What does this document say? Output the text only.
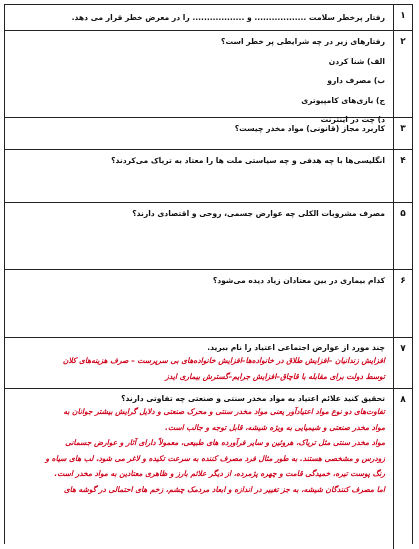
۱
رفتار پرخطر سلامت .................. و .................. را در معرض خطر قرار می دهد.
۲
رفتارهای زیر در چه شرایطی پر خطر است؟
الف) شنا کردن
ب) مصرف دارو
ج) بازی‌های کامپیوتری
د) چت در اینترنت
۳
کاربرد مجاز (قانونی) مواد مخدر چیست؟
۴
انگلیسی‌ها با چه هدفی و چه سیاستی ملت ها را معتاد به تریاک می‌کردند؟
۵
مصرف مشروبات الکلی چه عوارض جسمی، روحی و اقتصادی دارند؟
۶
کدام بیماری در بین معتادان زیاد دیده می‌شود؟
۷
چند مورد از عوارض اجتماعی اعتیاد را نام ببرید.
افزایش زندانیان –افزایش طلاق در خانواده‌ها–افزایش خانواده‌های بی سرپرست – صرف هزینه‌های کلان
توسط دولت برای مقابله با قاچاق–افزایش جرایم–گسترش بیماری ایدز
۸
تحقیق کنید علائم اعتیاد به مواد مخدر سنتی و صنعتی چه تفاوتی دارند؟
تفاوت‌های دو نوع مواد اعتیادآور یعنی مواد مخدر سنتی و محرک صنعتی و دلایل گرایش بیشتر جوانان به
مواد مخدر صنعتی و شیمیایی به ویژه شیشه، قابل توجه و جالب است.
مواد مخدر سنتی مثل تریاک، هروئین و سایر فرآورده های طبیعی، معمولاً دارای آثار و عوارض جسمانی
زودرس و مشخصی هستند. به طور مثال فرد مصرف کننده به سرعت تکیده و لاغر می شود، لب های سیاه و
رنگ پوست تیره، خمیدگی قامت و چهره پژمرده، از دیگر علائم بارز و ظاهری معتادین به مواد مخدر است.
اما مصرف کنندگان شیشه، به جز تغییر در اندازه و ابعاد مردمک چشم، زخم های احتمالی در گوشه های
